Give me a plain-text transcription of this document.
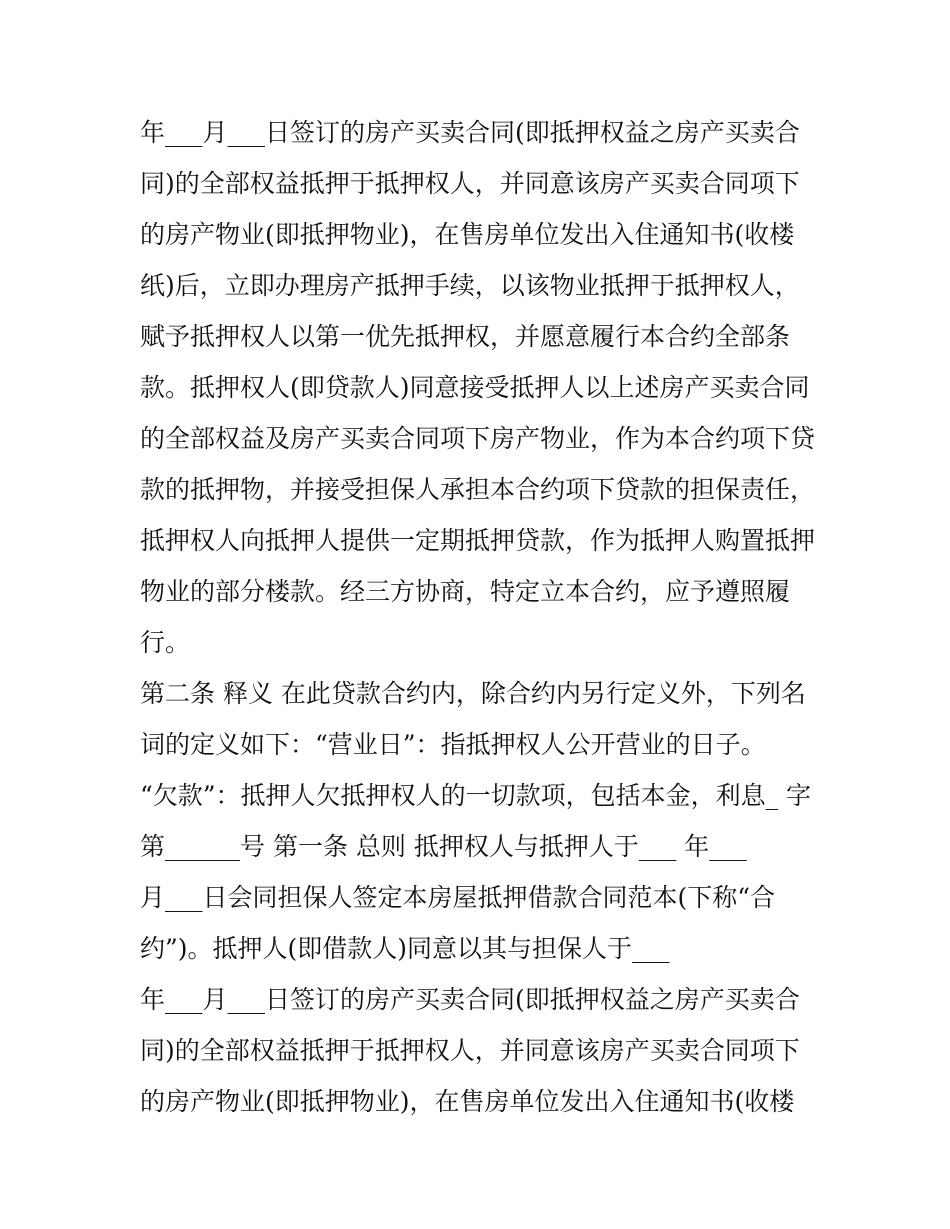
年___月___日签订的房产买卖合同(即抵押权益之房产买卖合
同)的全部权益抵押于抵押权人，并同意该房产买卖合同项下
的房产物业(即抵押物业)，在售房单位发出入住通知书(收楼
纸)后，立即办理房产抵押手续，以该物业抵押于抵押权人，
赋予抵押权人以第一优先抵押权，并愿意履行本合约全部条
款。抵押权人(即贷款人)同意接受抵押人以上述房产买卖合同
的全部权益及房产买卖合同项下房产物业，作为本合约项下贷
款的抵押物，并接受担保人承担本合约项下贷款的担保责任，
抵押权人向抵押人提供一定期抵押贷款，作为抵押人购置抵押
物业的部分楼款。经三方协商，特定立本合约，应予遵照履
行。
第二条 释义 在此贷款合约内，除合约内另行定义外，下列名
词的定义如下：“营业日”：指抵押权人公开营业的日子。
“欠款”：抵押人欠抵押权人的一切款项，包括本金，利息_ 字
第______号 第一条 总则 抵押权人与抵押人于___ 年___
月___日会同担保人签定本房屋抵押借款合同范本(下称“合
约”)。抵押人(即借款人)同意以其与担保人于___
年___月___日签订的房产买卖合同(即抵押权益之房产买卖合
同)的全部权益抵押于抵押权人，并同意该房产买卖合同项下
的房产物业(即抵押物业)，在售房单位发出入住通知书(收楼
